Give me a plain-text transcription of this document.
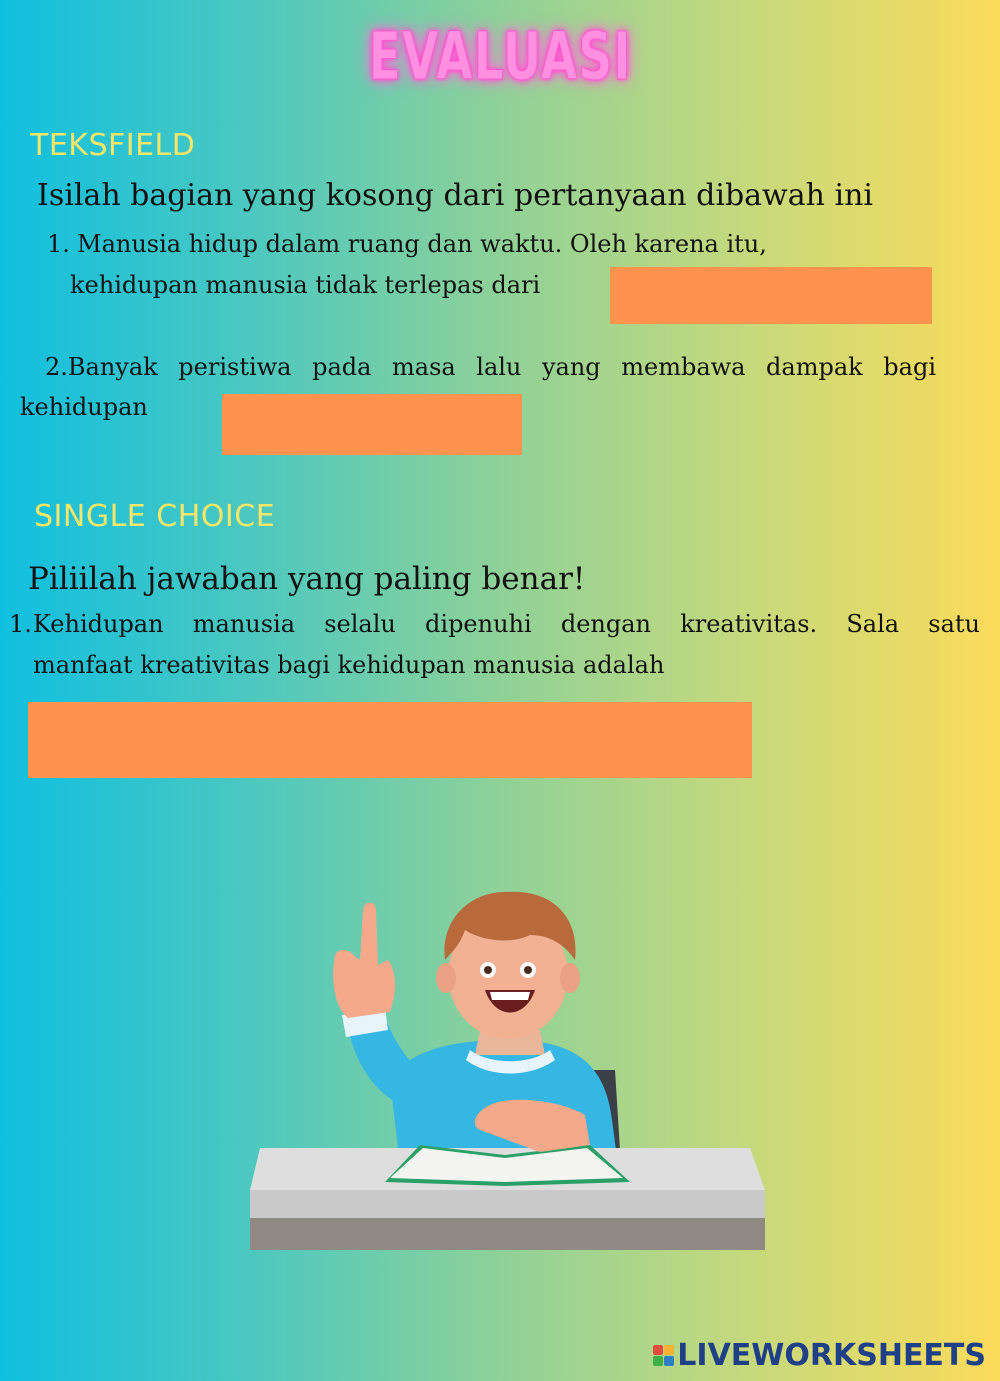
EVALUASI
TEKSFIELD
Isilah bagian yang kosong dari pertanyaan dibawah ini
1. Manusia hidup dalam ruang dan waktu. Oleh karena itu,
kehidupan manusia tidak terlepas dari
2.Banyak peristiwa pada masa lalu yang membawa dampak bagi
kehidupan
SINGLE CHOICE
Piliilah jawaban yang paling benar!
1. Kehidupan manusia selalu dipenuhi dengan kreativitas. Sala satu
manfaat kreativitas bagi kehidupan manusia adalah
LIVEWORKSHEETS
